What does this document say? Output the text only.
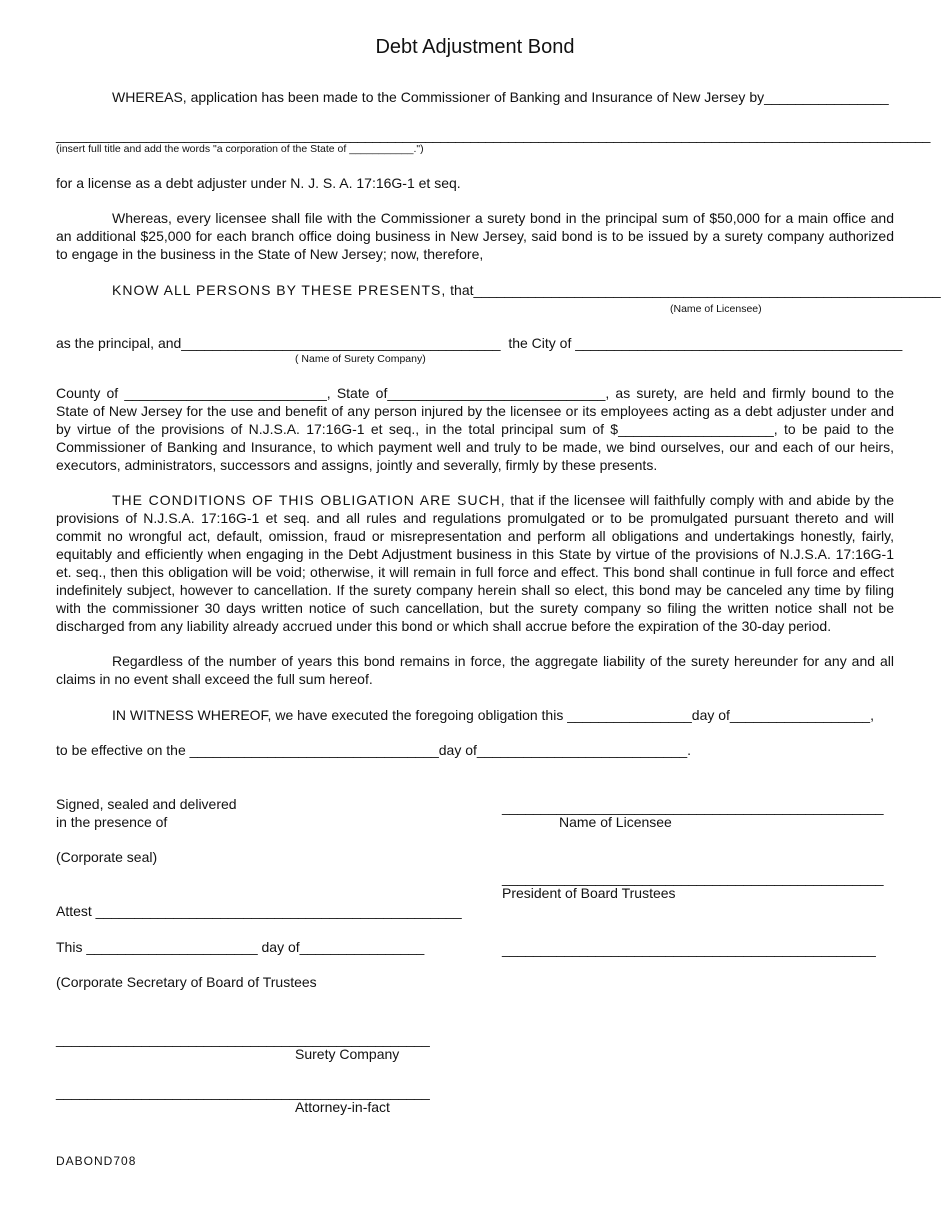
Debt Adjustment Bond
WHEREAS, application has been made to the Commissioner of Banking and Insurance of New Jersey by________________
____________________________________________________________________________________________________________________
(insert full title and add the words "a corporation of the State of ___________.")
for a license as a debt adjuster under N. J. S. A. 17:16G-1 et seq.
Whereas, every licensee shall file with the Commissioner a surety bond in the principal sum of $50,000 for a main office and an additional $25,000 for each branch office doing business in New Jersey, said bond is to be issued by a surety company authorized to engage in the business in the State of New Jersey; now, therefore,
KNOW ALL PERSONS BY THESE PRESENTS, that____________________________________________________________
(Name of Licensee)
as the principal, and_________________________________________  the City of __________________________________________
( Name of Surety Company)
County of __________________________, State of____________________________, as surety, are held and firmly bound to the State of New Jersey for the use and benefit of any person injured by the licensee or its employees acting as a debt adjuster under and by virtue of the provisions of N.J.S.A. 17:16G-1 et seq., in the total principal sum of $____________________, to be paid to the Commissioner of Banking and Insurance, to which payment well and truly to be made, we bind ourselves, our and each of our heirs, executors, administrators, successors and assigns, jointly and severally, firmly by these presents.
THE CONDITIONS OF THIS OBLIGATION ARE SUCH, that if the licensee will faithfully comply with and abide by the provisions of N.J.S.A. 17:16G-1 et seq. and all rules and regulations promulgated or to be promulgated pursuant thereto and will commit no wrongful act, default, omission, fraud or misrepresentation and perform all obligations and undertakings honestly, fairly, equitably and efficiently when engaging in the Debt Adjustment business in this State by virtue of the provisions of N.J.S.A. 17:16G-1 et. seq., then this obligation will be void; otherwise, it will remain in full force and effect. This bond shall continue in full force and effect indefinitely subject, however to cancellation. If the surety company herein shall so elect, this bond may be canceled any time by filing with the commissioner 30 days written notice of such cancellation, but the surety company so filing the written notice shall not be discharged from any liability already accrued under this bond or which shall accrue before the expiration of the 30-day period.
Regardless of the number of years this bond remains in force, the aggregate liability of the surety hereunder for any and all claims in no event shall exceed the full sum hereof.
IN WITNESS WHEREOF, we have executed the foregoing obligation this ________________day of__________________,
to be effective on the ________________________________day of___________________________.
Signed, sealed and delivered
in the presence of
(Corporate seal)
Attest _______________________________________________
This ______________________ day of________________
(Corporate Secretary of Board of Trustees
_________________________________________________
Name of Licensee
_________________________________________________
President of Board Trustees
________________________________________________
________________________________________________
Surety Company
________________________________________________
Attorney-in-fact
DABOND708
